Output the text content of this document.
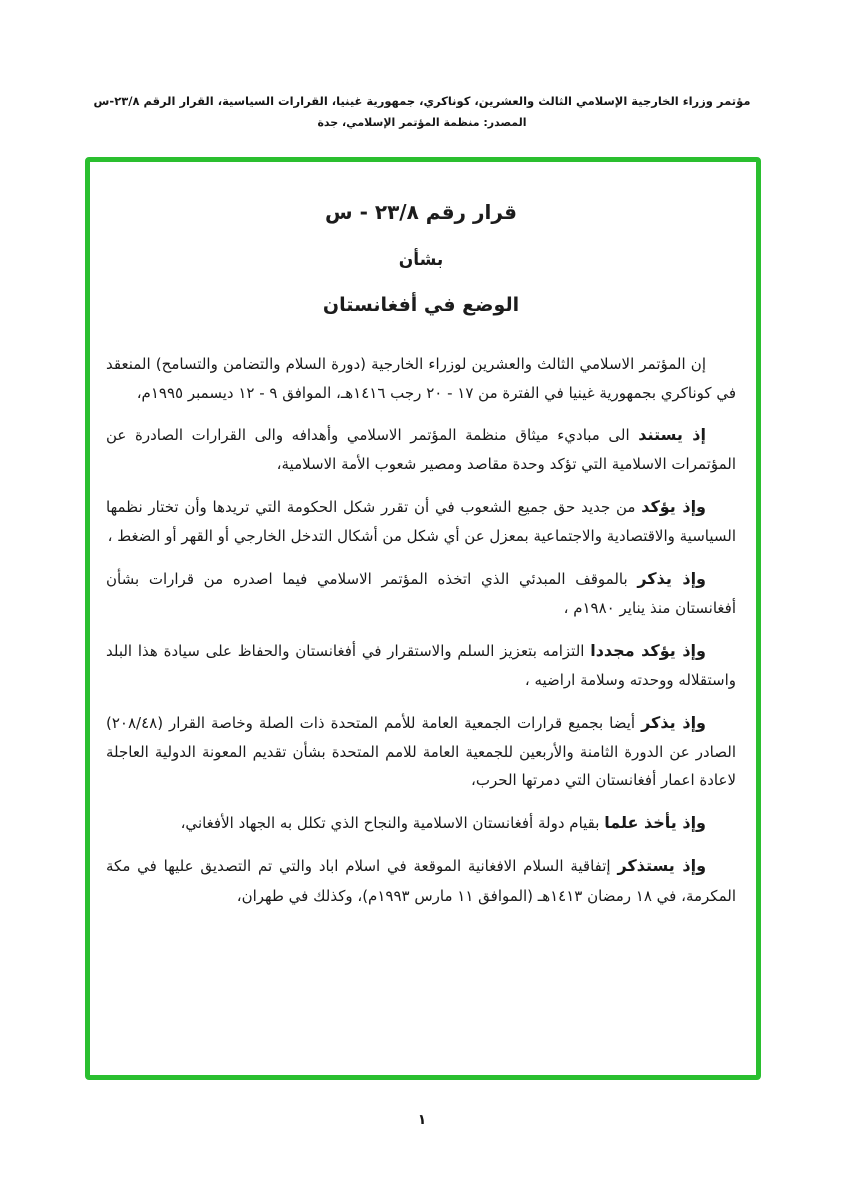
مؤتمر وزراء الخارجية الإسلامي الثالث والعشرين، كوناكري، جمهورية غينيا، القرارات السياسية، القرار الرقم ٢٣/٨-س
المصدر: منظمة المؤتمر الإسلامي، جدة
قرار رقم ٢٣/٨ - س
بشأن
الوضع في أفغانستان

إن المؤتمر الاسلامي الثالث والعشرين لوزراء الخارجية (دورة السلام والتضامن والتسامح) المنعقد في كوناكري بجمهورية غينيا في الفترة من ١٧ - ٢٠ رجب ١٤١٦هـ، الموافق ٩ - ١٢ ديسمبر ١٩٩٥م،

إذ يستند الى مباديء ميثاق منظمة المؤتمر الاسلامي وأهدافه والى القرارات الصادرة عن المؤتمرات الاسلامية التي تؤكد وحدة مقاصد ومصير شعوب الأمة الاسلامية،

وإذ يؤكد من جديد حق جميع الشعوب في أن تقرر شكل الحكومة التي تريدها وأن تختار نظمها السياسية والاقتصادية والاجتماعية بمعزل عن أي شكل من أشكال التدخل الخارجي أو القهر أو الضغط ،

وإذ يذكر بالموقف المبدئي الذي اتخذه المؤتمر الاسلامي فيما اصدره من قرارات بشأن أفغانستان منذ يناير ١٩٨٠م ،

وإذ يؤكد مجددا التزامه بتعزيز السلم والاستقرار في أفغانستان والحفاظ على سيادة هذا البلد واستقلاله ووحدته وسلامة اراضيه ،

وإذ يذكر أيضا بجميع قرارات الجمعية العامة للأمم المتحدة ذات الصلة وخاصة القرار (٢٠٨/٤٨) الصادر عن الدورة الثامنة والأربعين للجمعية العامة للامم المتحدة بشأن تقديم المعونة الدولية العاجلة لاعادة اعمار أفغانستان التي دمرتها الحرب،

وإذ يأخذ علما بقيام دولة أفغانستان الاسلامية والنجاح الذي تكلل به الجهاد الأفغاني،

وإذ يستذكر إتفاقية السلام الافغانية الموقعة في اسلام اباد والتي تم التصديق عليها في مكة المكرمة، في ١٨ رمضان ١٤١٣هـ (الموافق ١١ مارس ١٩٩٣م)، وكذلك في طهران،

١
